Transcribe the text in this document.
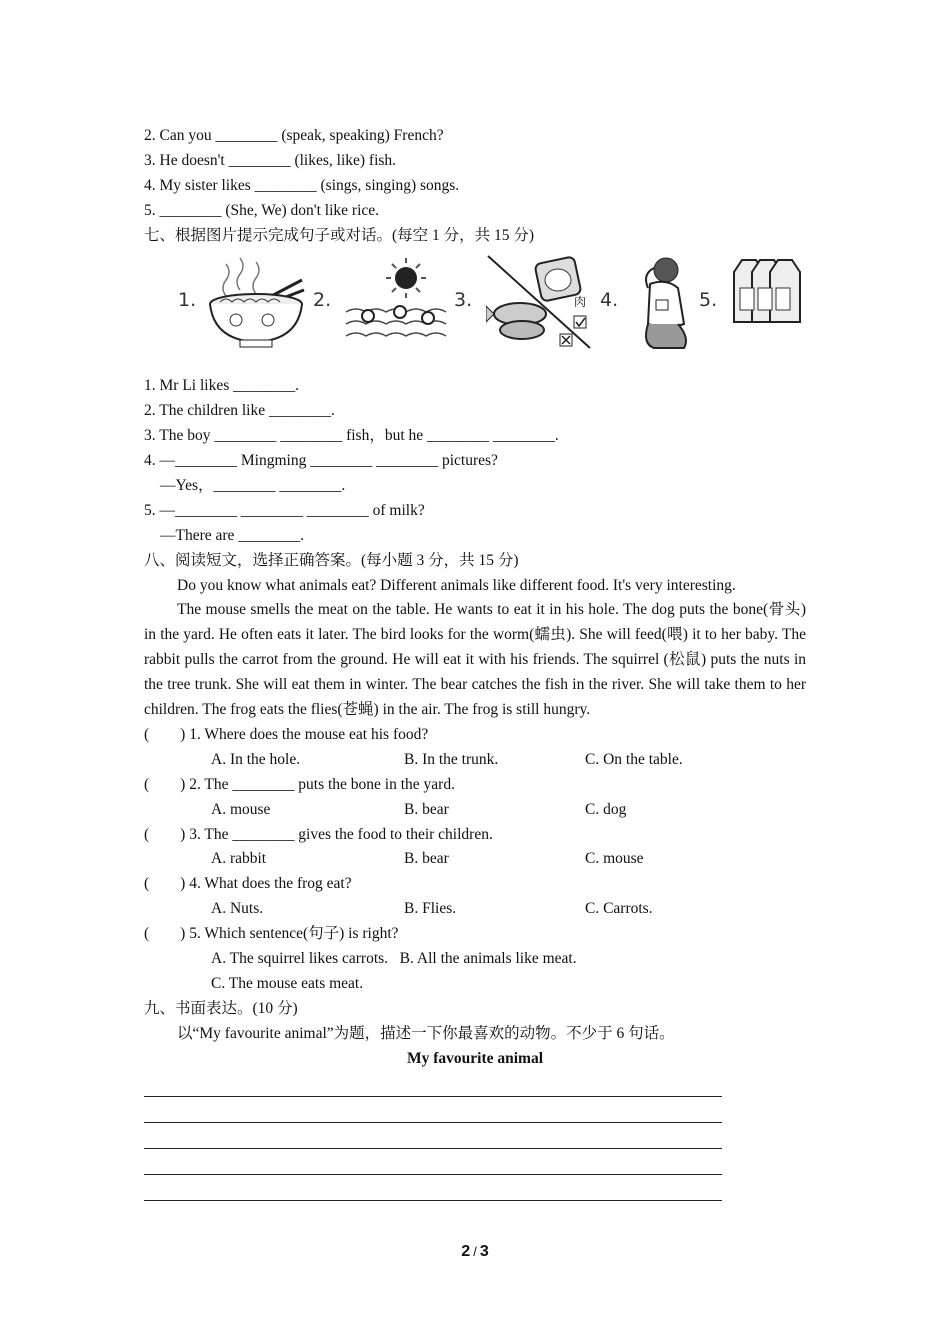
2. Can you ________ (speak, speaking) French?
3. He doesn't ________ (likes, like) fish.
4. My sister likes ________ (sings, singing) songs.
5. ________ (She, We) don't like rice.
七、根据图片提示完成句子或对话。(每空 1 分，共 15 分)
1.	2.	3.	肉 4.	5.
1. Mr Li likes ________.
2. The children like ________.
3. The boy ________ ________ fish，but he ________ ________.
4. —________ Mingming ________ ________ pictures?
—Yes，________ ________.
5. —________ ________ ________ of milk?
—There are ________.
八、阅读短文，选择正确答案。(每小题 3 分，共 15 分)
Do you know what animals eat? Different animals like different food. It's very interesting.
The mouse smells the meat on the table. He wants to eat it in his hole. The dog puts the bone(骨头) in the yard. He often eats it later. The bird looks for the worm(蠕虫). She will feed(喂) it to her baby. The rabbit pulls the carrot from the ground. He will eat it with his friends. The squirrel (松鼠) puts the nuts in the tree trunk. She will eat them in winter. The bear catches the fish in the river. She will take them to her children. The frog eats the flies(苍蝇) in the air. The frog is still hungry.
(        ) 1. Where does the mouse eat his food?
A. In the hole.	B. In the trunk.	C. On the table.
(        ) 2. The ________ puts the bone in the yard.
A. mouse	B. bear	C. dog
(        ) 3. The ________ gives the food to their children.
A. rabbit	B. bear	C. mouse
(        ) 4. What does the frog eat?
A. Nuts.	B. Flies.	C. Carrots.
(        ) 5. Which sentence(句子) is right?
A. The squirrel likes carrots.   B. All the animals like meat.
C. The mouse eats meat.
九、书面表达。(10 分)
以“My favourite animal”为题，描述一下你最喜欢的动物。不少于 6 句话。
My favourite animal
2 / 3
